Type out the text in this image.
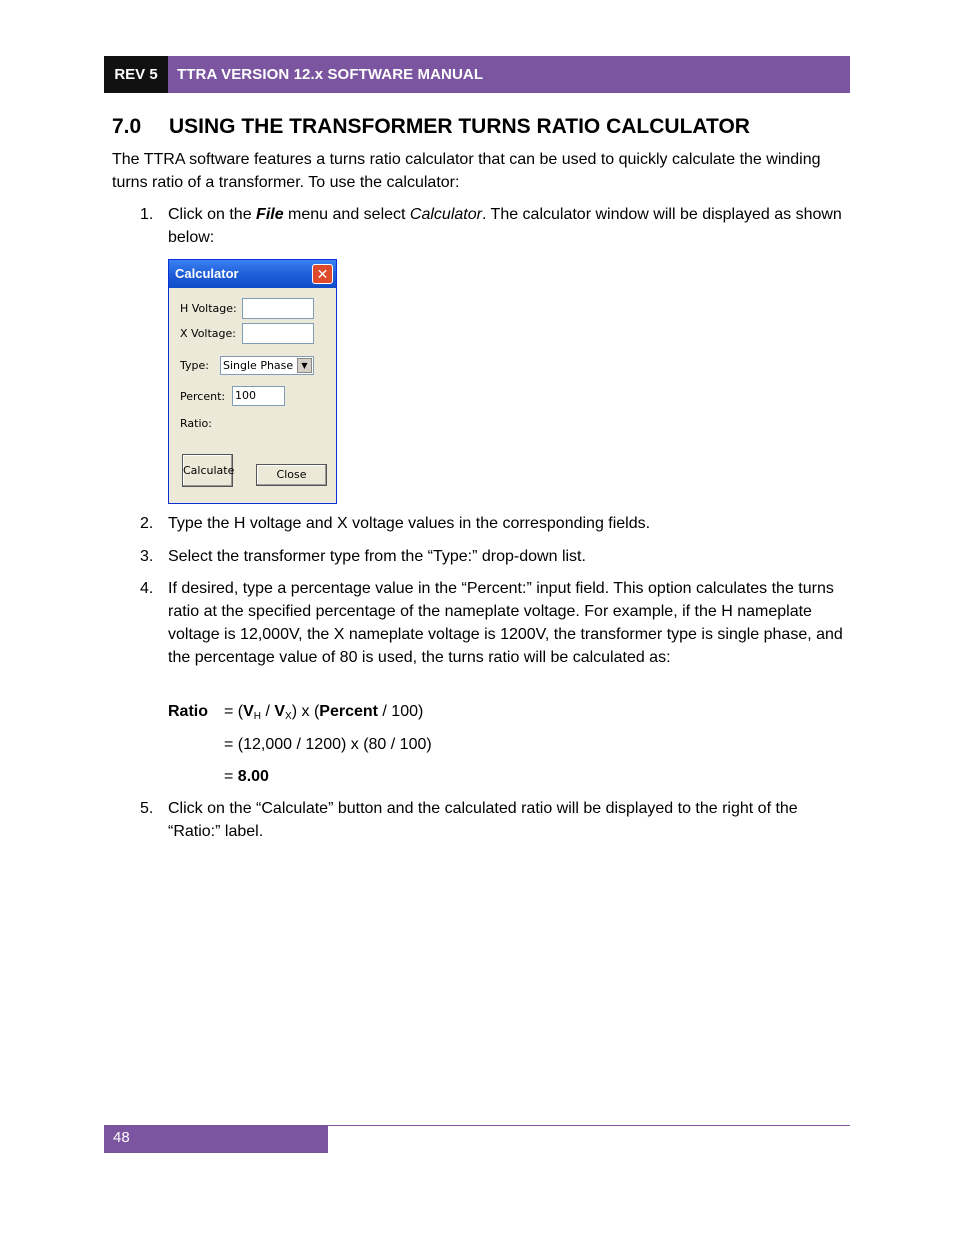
REV 5	TTRA VERSION 12.x SOFTWARE MANUAL
7.0 USING THE TRANSFORMER TURNS RATIO CALCULATOR
The TTRA software features a turns ratio calculator that can be used to quickly calculate the winding turns ratio of a transformer. To use the calculator:
1. Click on the File menu and select Calculator. The calculator window will be displayed as shown below:
Calculator	✕
H Voltage:
X Voltage:
Type: Single Phase	▼
Percent: 100
Ratio:
Calculate	Close
2. Type the H voltage and X voltage values in the corresponding fields.
3. Select the transformer type from the “Type:” drop-down list.
4. If desired, type a percentage value in the “Percent:” input field. This option calculates the turns ratio at the specified percentage of the nameplate voltage. For example, if the H nameplate voltage is 12,000V, the X nameplate voltage is 1200V, the transformer type is single phase, and the percentage value of 80 is used, the turns ratio will be calculated as:
Ratio = $(V_H / V_X)$ x (Percent / 100)
= (12,000 / 1200) x (80 / 100)
= 8.00
5. Click on the “Calculate” button and the calculated ratio will be displayed to the right of the “Ratio:” label.
48
